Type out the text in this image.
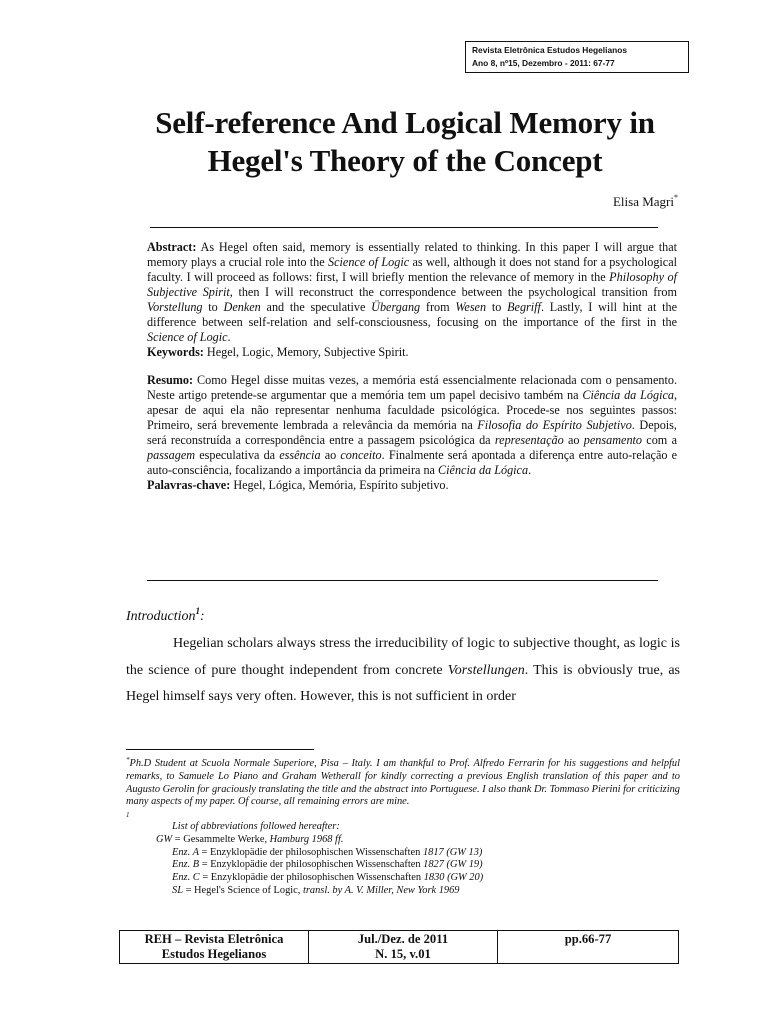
Revista Eletrônica Estudos Hegelianos
Ano 8, nº15, Dezembro - 2011: 67-77
Self-reference And Logical Memory in
Hegel's Theory of the Concept
Elisa Magri*

Abstract: As Hegel often said, memory is essentially related to thinking. In this paper I will argue that memory plays a crucial role into the Science of Logic as well, although it does not stand for a psychological faculty. I will proceed as follows: first, I will briefly mention the relevance of memory in the Philosophy of Subjective Spirit, then I will reconstruct the correspondence between the psychological transition from Vorstellung to Denken and the speculative Übergang from Wesen to Begriff. Lastly, I will hint at the difference between self-relation and self-consciousness, focusing on the importance of the first in the Science of Logic.

Keywords: Hegel, Logic, Memory, Subjective Spirit.

Resumo: Como Hegel disse muitas vezes, a memória está essencialmente relacionada com o pensamento. Neste artigo pretende-se argumentar que a memória tem um papel decisivo também na Ciência da Lógica, apesar de aqui ela não representar nenhuma faculdade psicológica. Procede-se nos seguintes passos: Primeiro, será brevemente lembrada a relevância da memória na Filosofia do Espírito Subjetivo. Depois, será reconstruída a correspondência entre a passagem psicológica da representação ao pensamento com a passagem especulativa da essência ao conceito. Finalmente será apontada a diferença entre auto-relação e auto-consciência, focalizando a importância da primeira na Ciência da Lógica.

Palavras-chave: Hegel, Lógica, Memória, Espírito subjetivo.

Introduction$^1$:

Hegelian scholars always stress the irreducibility of logic to subjective thought, as logic is the science of pure thought independent from concrete Vorstellungen. This is obviously true, as Hegel himself says very often. However, this is not sufficient in order

*Ph.D Student at Scuola Normale Superiore, Pisa – Italy. I am thankful to Prof. Alfredo Ferrarin for his suggestions and helpful remarks, to Samuele Lo Piano and Graham Wetherall for kindly correcting a previous English translation of this paper and to Augusto Gerolin for graciously translating the title and the abstract into Portuguese. I also thank Dr. Tommaso Pierini for criticizing many aspects of my paper. Of course, all remaining errors are mine.

$^1$

List of abbreviations followed hereafter:

GW = Gesammelte Werke, Hamburg 1968 ff.

Enz. A = Enzyklopädie der philosophischen Wissenschaften 1817 (GW 13)

Enz. B = Enzyklopädie der philosophischen Wissenschaften 1827 (GW 19)

Enz. C = Enzyklopädie der philosophischen Wissenschaften 1830 (GW 20)

SL = Hegel's Science of Logic, transl. by A. V. Miller, New York 1969

REH – Revista Eletrônica
Estudos Hegelianos

Jul./Dez. de 2011
N. 15, v.01

pp.66-77
